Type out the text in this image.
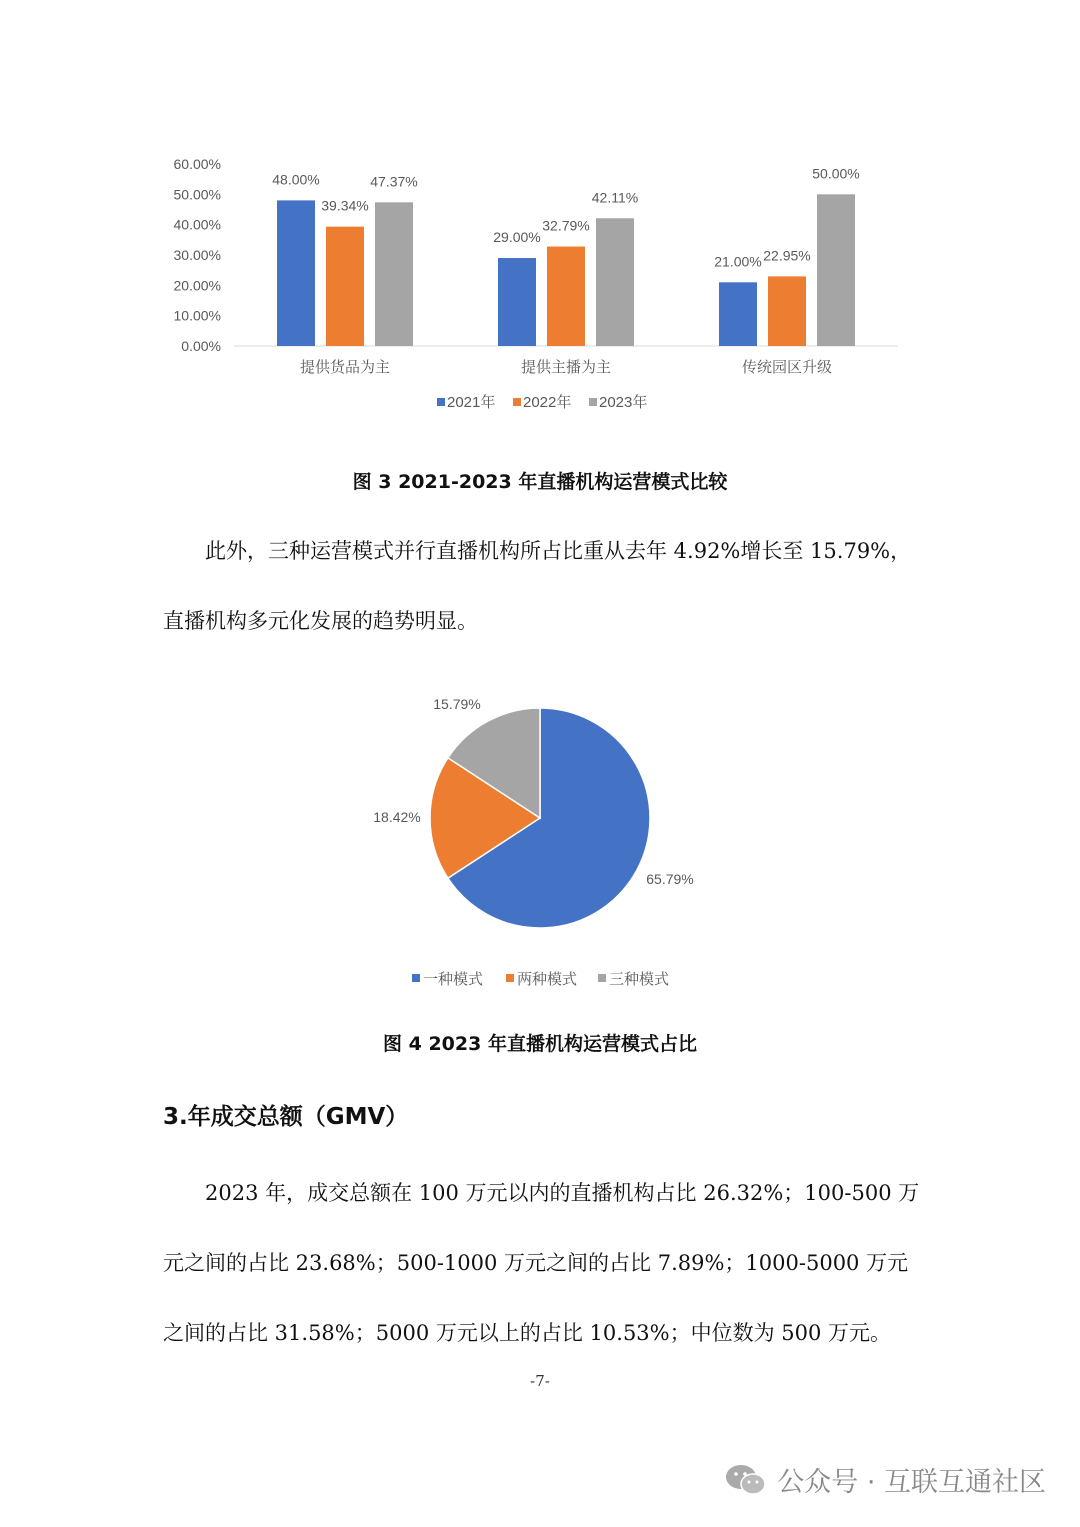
0.00%
10.00%
20.00%
30.00%
40.00%
50.00%
60.00%
48.00%
29.00%
21.00%
39.34%
32.79%
22.95%
47.37%
42.11%
50.00%
提供货品为主	提供主播为主	传统园区升级
2021年 2022年 2023年
图 3 2021-2023 年直播机构运营模式比较
此外，三种运营模式并行直播机构所占比重从去年 4.92%增长至 15.79%，直播机构多元化发展的趋势明显。
65.79%
18.42%
15.79%
一种模式 两种模式 三种模式
图 4 2023 年直播机构运营模式占比
3.年成交总额（GMV）
2023 年，成交总额在 100 万元以内的直播机构占比 26.32%；100-500 万元之间的占比 23.68%；500-1000 万元之间的占比 7.89%；1000-5000 万元之间的占比 31.58%；5000 万元以上的占比 10.53%；中位数为 500 万元。
-7-
公众号 · 互联互通社区
